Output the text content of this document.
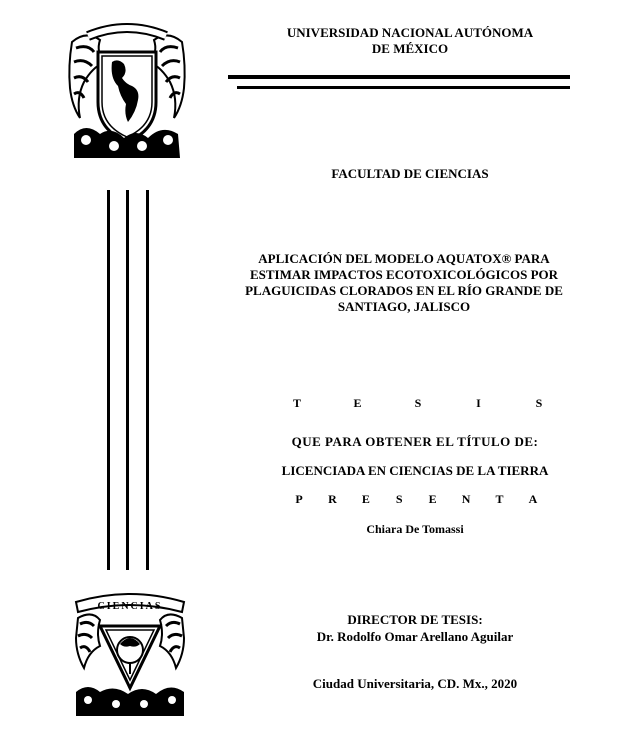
UNIVERSIDAD NACIONAL AUTÓNOMA
DE MÉXICO
FACULTAD DE CIENCIAS
APLICACIÓN DEL MODELO AQUATOX® PARA
ESTIMAR IMPACTOS ECOTOXICOLÓGICOS POR
PLAGUICIDAS CLORADOS EN EL RÍO GRANDE DE
SANTIAGO, JALISCO
T	E	S	I	S
QUE PARA OBTENER EL TÍTULO DE:
LICENCIADA EN CIENCIAS DE LA TIERRA
P R E	S	E N T A
Chiara De Tomassi
CIENCIAS
DIRECTOR DE TESIS:
Dr. Rodolfo Omar Arellano Aguilar
Ciudad Universitaria, CD. Mx., 2020
